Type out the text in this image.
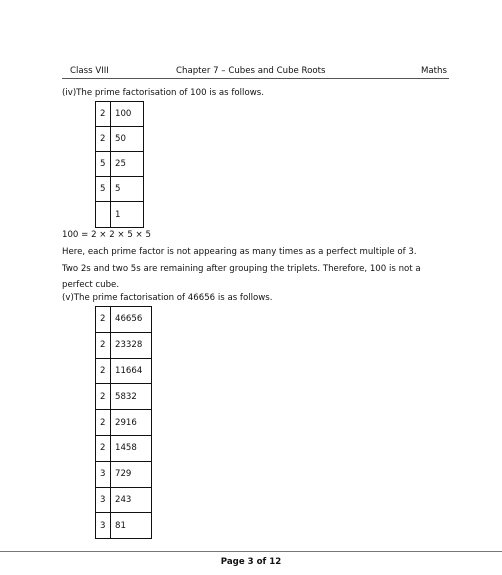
Class VIII	Chapter 7 – Cubes and Cube Roots	Maths
(iv)The prime factorisation of 100 is as follows.
2	100
2	50
5	25
5	5
	1
100 = 2 × 2 × 5 × 5
Here, each prime factor is not appearing as many times as a perfect multiple of 3.
Two 2s and two 5s are remaining after grouping the triplets. Therefore, 100 is not a
perfect cube.
(v)The prime factorisation of 46656 is as follows.
2	46656
2	23328
2	11664
2	5832
2	2916
2	1458
3	729
3	243
3	81
Page 3 of 12
